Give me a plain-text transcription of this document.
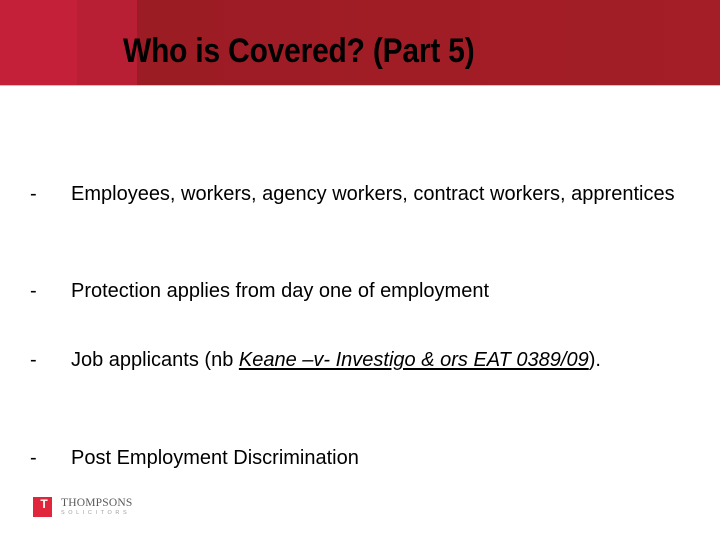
Who is Covered? (Part 5)
-	Employees, workers, agency workers, contract workers, apprentices
-	Protection applies from day one of employment
-	Job applicants (nb Keane –v- Investigo & ors EAT 0389/09).
-	Post Employment Discrimination
T THOMPSONS
SOLICITORS
